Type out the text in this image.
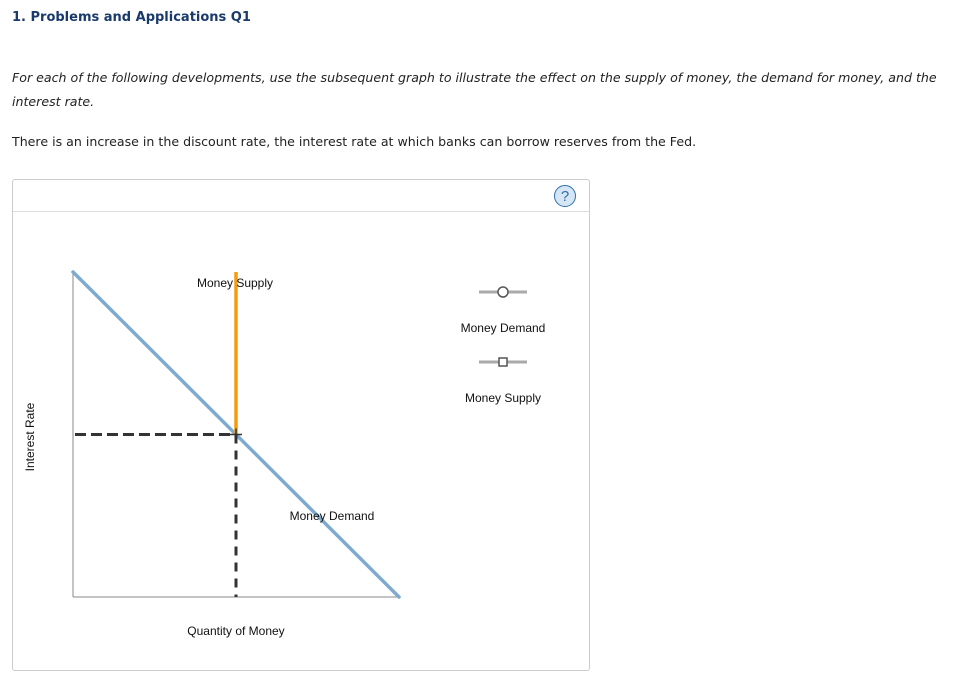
1. Problems and Applications Q1
For each of the following developments, use the subsequent graph to illustrate the effect on the supply of money, the demand for money, and the interest rate.
There is an increase in the discount rate, the interest rate at which banks can borrow reserves from the Fed.
?
Quantity of Money
Interest Rate
Money Supply
Money Demand
Money Demand
Money Supply
